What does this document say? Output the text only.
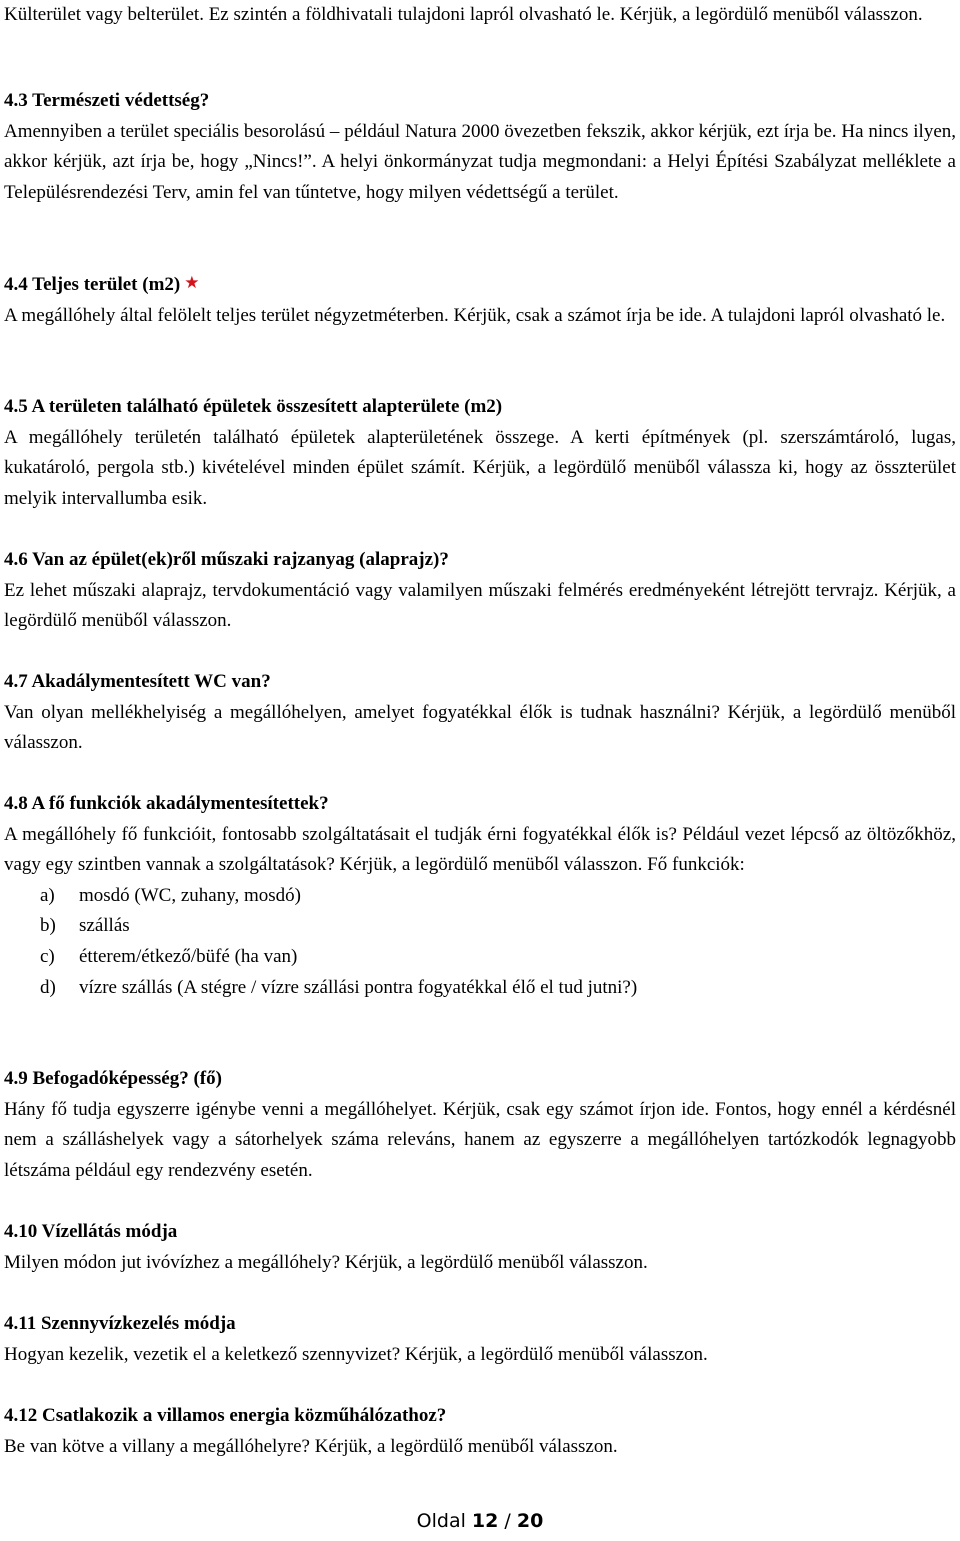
Külterület vagy belterület. Ez szintén a földhivatali tulajdoni lapról olvasható le. Kérjük, a legördülő menüből válasszon.
4.3 Természeti védettség?
Amennyiben a terület speciális besorolású – például Natura 2000 övezetben fekszik, akkor kérjük, ezt írja be. Ha nincs ilyen, akkor kérjük, azt írja be, hogy „Nincs!”. A helyi önkormányzat tudja megmondani: a Helyi Építési Szabályzat melléklete a Településrendezési Terv, amin fel van tűntetve, hogy milyen védettségű a terület.
4.4 Teljes terület (m2) ★
A megállóhely által felölelt teljes terület négyzetméterben. Kérjük, csak a számot írja be ide. A tulajdoni lapról olvasható le.
4.5 A területen található épületek összesített alapterülete (m2)
A megállóhely területén található épületek alapterületének összege. A kerti építmények (pl. szerszámtároló, lugas, kukatároló, pergola stb.) kivételével minden épület számít. Kérjük, a legördülő menüből válassza ki, hogy az összterület melyik intervallumba esik.
4.6 Van az épület(ek)ről műszaki rajzanyag (alaprajz)?
Ez lehet műszaki alaprajz, tervdokumentáció vagy valamilyen műszaki felmérés eredményeként létrejött tervrajz. Kérjük, a legördülő menüből válasszon.
4.7 Akadálymentesített WC van?
Van olyan mellékhelyiség a megállóhelyen, amelyet fogyatékkal élők is tudnak használni? Kérjük, a legördülő menüből válasszon.
4.8 A fő funkciók akadálymentesítettek?
A megállóhely fő funkcióit, fontosabb szolgáltatásait el tudják érni fogyatékkal élők is? Például vezet lépcső az öltözőkhöz, vagy egy szintben vannak a szolgáltatások? Kérjük, a legördülő menüből válasszon. Fő funkciók:
a)	mosdó (WC, zuhany, mosdó)
b)	szállás
c)	étterem/étkező/büfé (ha van)
d)	vízre szállás (A stégre / vízre szállási pontra fogyatékkal élő el tud jutni?)
4.9 Befogadóképesség? (fő)
Hány fő tudja egyszerre igénybe venni a megállóhelyet. Kérjük, csak egy számot írjon ide. Fontos, hogy ennél a kérdésnél nem a szálláshelyek vagy a sátorhelyek száma releváns, hanem az egyszerre a megállóhelyen tartózkodók legnagyobb létszáma például egy rendezvény esetén.
4.10 Vízellátás módja
Milyen módon jut ivóvízhez a megállóhely? Kérjük, a legördülő menüből válasszon.
4.11 Szennyvízkezelés módja
Hogyan kezelik, vezetik el a keletkező szennyvizet? Kérjük, a legördülő menüből válasszon.
4.12 Csatlakozik a villamos energia közműhálózathoz?
Be van kötve a villany a megállóhelyre? Kérjük, a legördülő menüből válasszon.
Oldal 12 / 20
